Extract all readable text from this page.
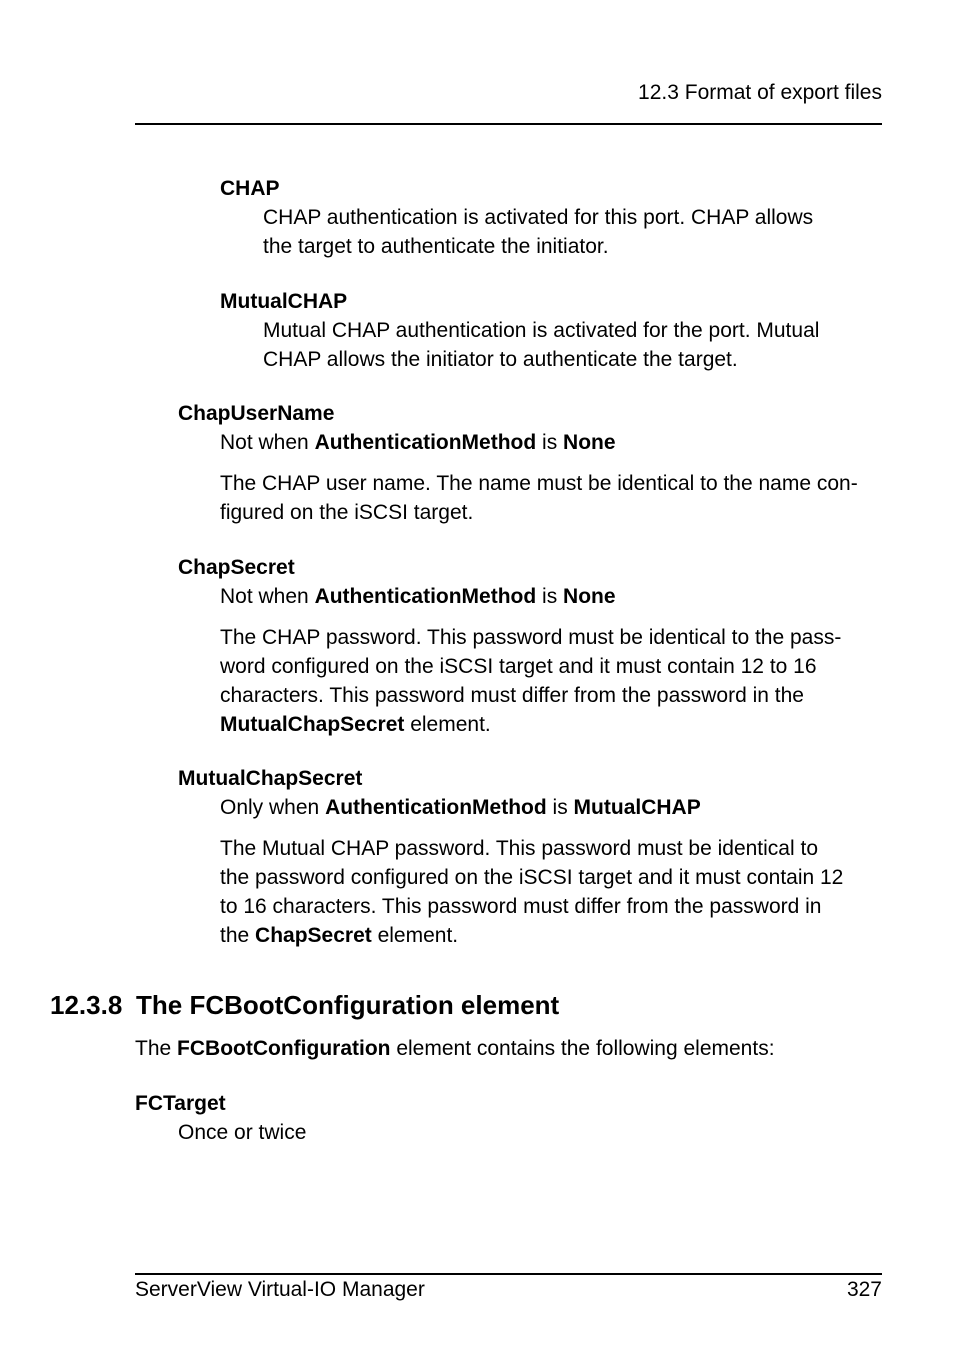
12.3 Format of export files

CHAP

CHAP authentication is activated for this port. CHAP allows

the target to authenticate the initiator.

MutualCHAP

Mutual CHAP authentication is activated for the port. Mutual

CHAP allows the initiator to authenticate the target.

ChapUserName

Not when AuthenticationMethod is None

The CHAP user name. The name must be identical to the name con-

figured on the iSCSI target.

ChapSecret

Not when AuthenticationMethod is None

The CHAP password. This password must be identical to the pass-

word configured on the iSCSI target and it must contain 12 to 16

characters. This password must differ from the password in the

MutualChapSecret element.

MutualChapSecret

Only when AuthenticationMethod is MutualCHAP

The Mutual CHAP password. This password must be identical to

the password configured on the iSCSI target and it must contain 12

to 16 characters. This password must differ from the password in

the ChapSecret element.

12.3.8 The FCBootConfiguration element

The FCBootConfiguration element contains the following elements:

FCTarget

Once or twice

ServerView Virtual-IO Manager	327
